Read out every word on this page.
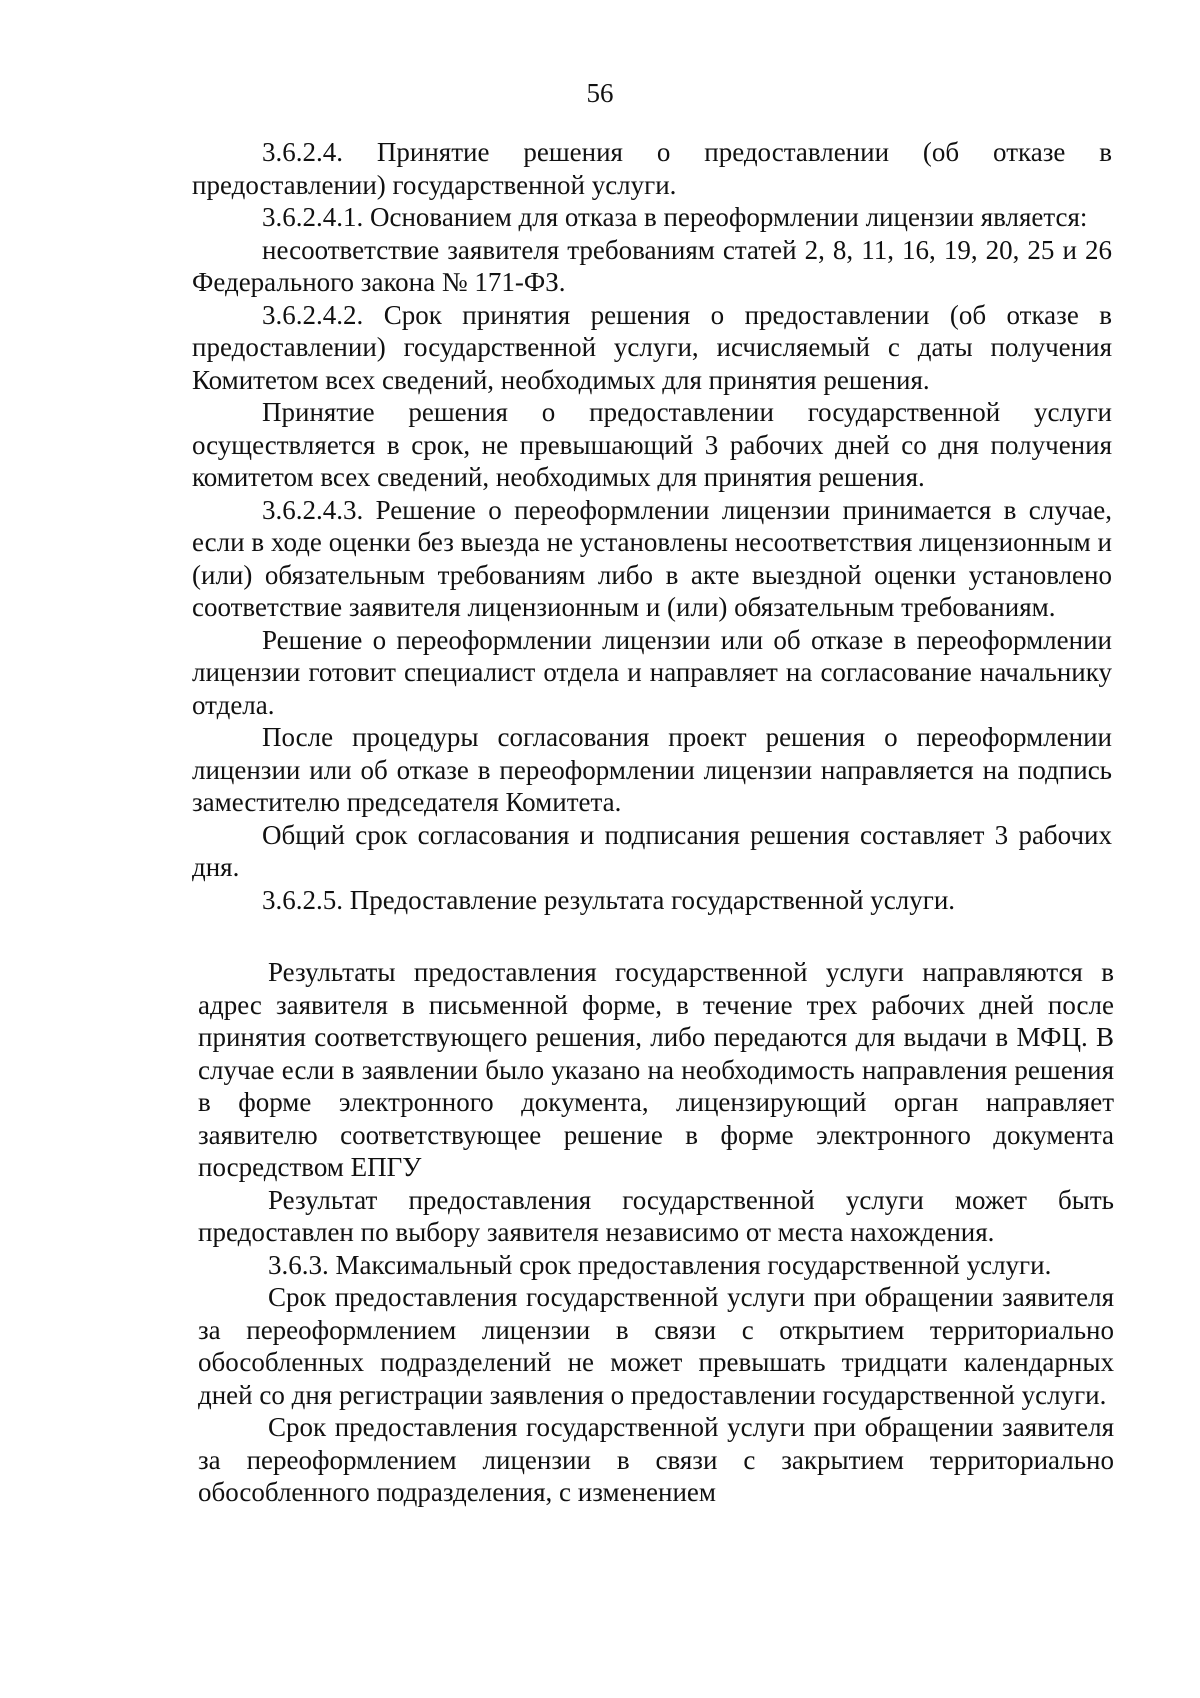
56

3.6.2.4. Принятие решения о предоставлении (об отказе в предоставлении) государственной услуги.

3.6.2.4.1. Основанием для отказа в переоформлении лицензии является:

несоответствие заявителя требованиям статей 2, 8, 11, 16, 19, 20, 25 и 26 Федерального закона № 171-ФЗ.

3.6.2.4.2. Срок принятия решения о предоставлении (об отказе в предоставлении) государственной услуги, исчисляемый с даты получения Комитетом всех сведений, необходимых для принятия решения.

Принятие решения о предоставлении государственной услуги осуществляется в срок, не превышающий 3 рабочих дней со дня получения комитетом всех сведений, необходимых для принятия решения.

3.6.2.4.3. Решение о переоформлении лицензии принимается в случае, если в ходе оценки без выезда не установлены несоответствия лицензионным и (или) обязательным требованиям либо в акте выездной оценки установлено соответствие заявителя лицензионным и (или) обязательным требованиям.

Решение о переоформлении лицензии или об отказе в переоформлении лицензии готовит специалист отдела и направляет на согласование начальнику отдела.

После процедуры согласования проект решения о переоформлении лицензии или об отказе в переоформлении лицензии направляется на подпись заместителю председателя Комитета.

Общий срок согласования и подписания решения составляет 3 рабочих дня.

3.6.2.5. Предоставление результата государственной услуги.

Результаты предоставления государственной услуги направляются в адрес заявителя в письменной форме, в течение трех рабочих дней после принятия соответствующего решения, либо передаются для выдачи в МФЦ. В случае если в заявлении было указано на необходимость направления решения в форме электронного документа, лицензирующий орган направляет заявителю соответствующее решение в форме электронного документа посредством ЕПГУ

Результат предоставления государственной услуги может быть предоставлен по выбору заявителя независимо от места нахождения.

3.6.3. Максимальный срок предоставления государственной услуги.

Срок предоставления государственной услуги при обращении заявителя за переоформлением лицензии в связи с открытием территориально обособленных подразделений не может превышать тридцати календарных дней со дня регистрации заявления о предоставлении государственной услуги.

Срок предоставления государственной услуги при обращении заявителя за переоформлением лицензии в связи с закрытием территориально обособленного подразделения, с изменением
